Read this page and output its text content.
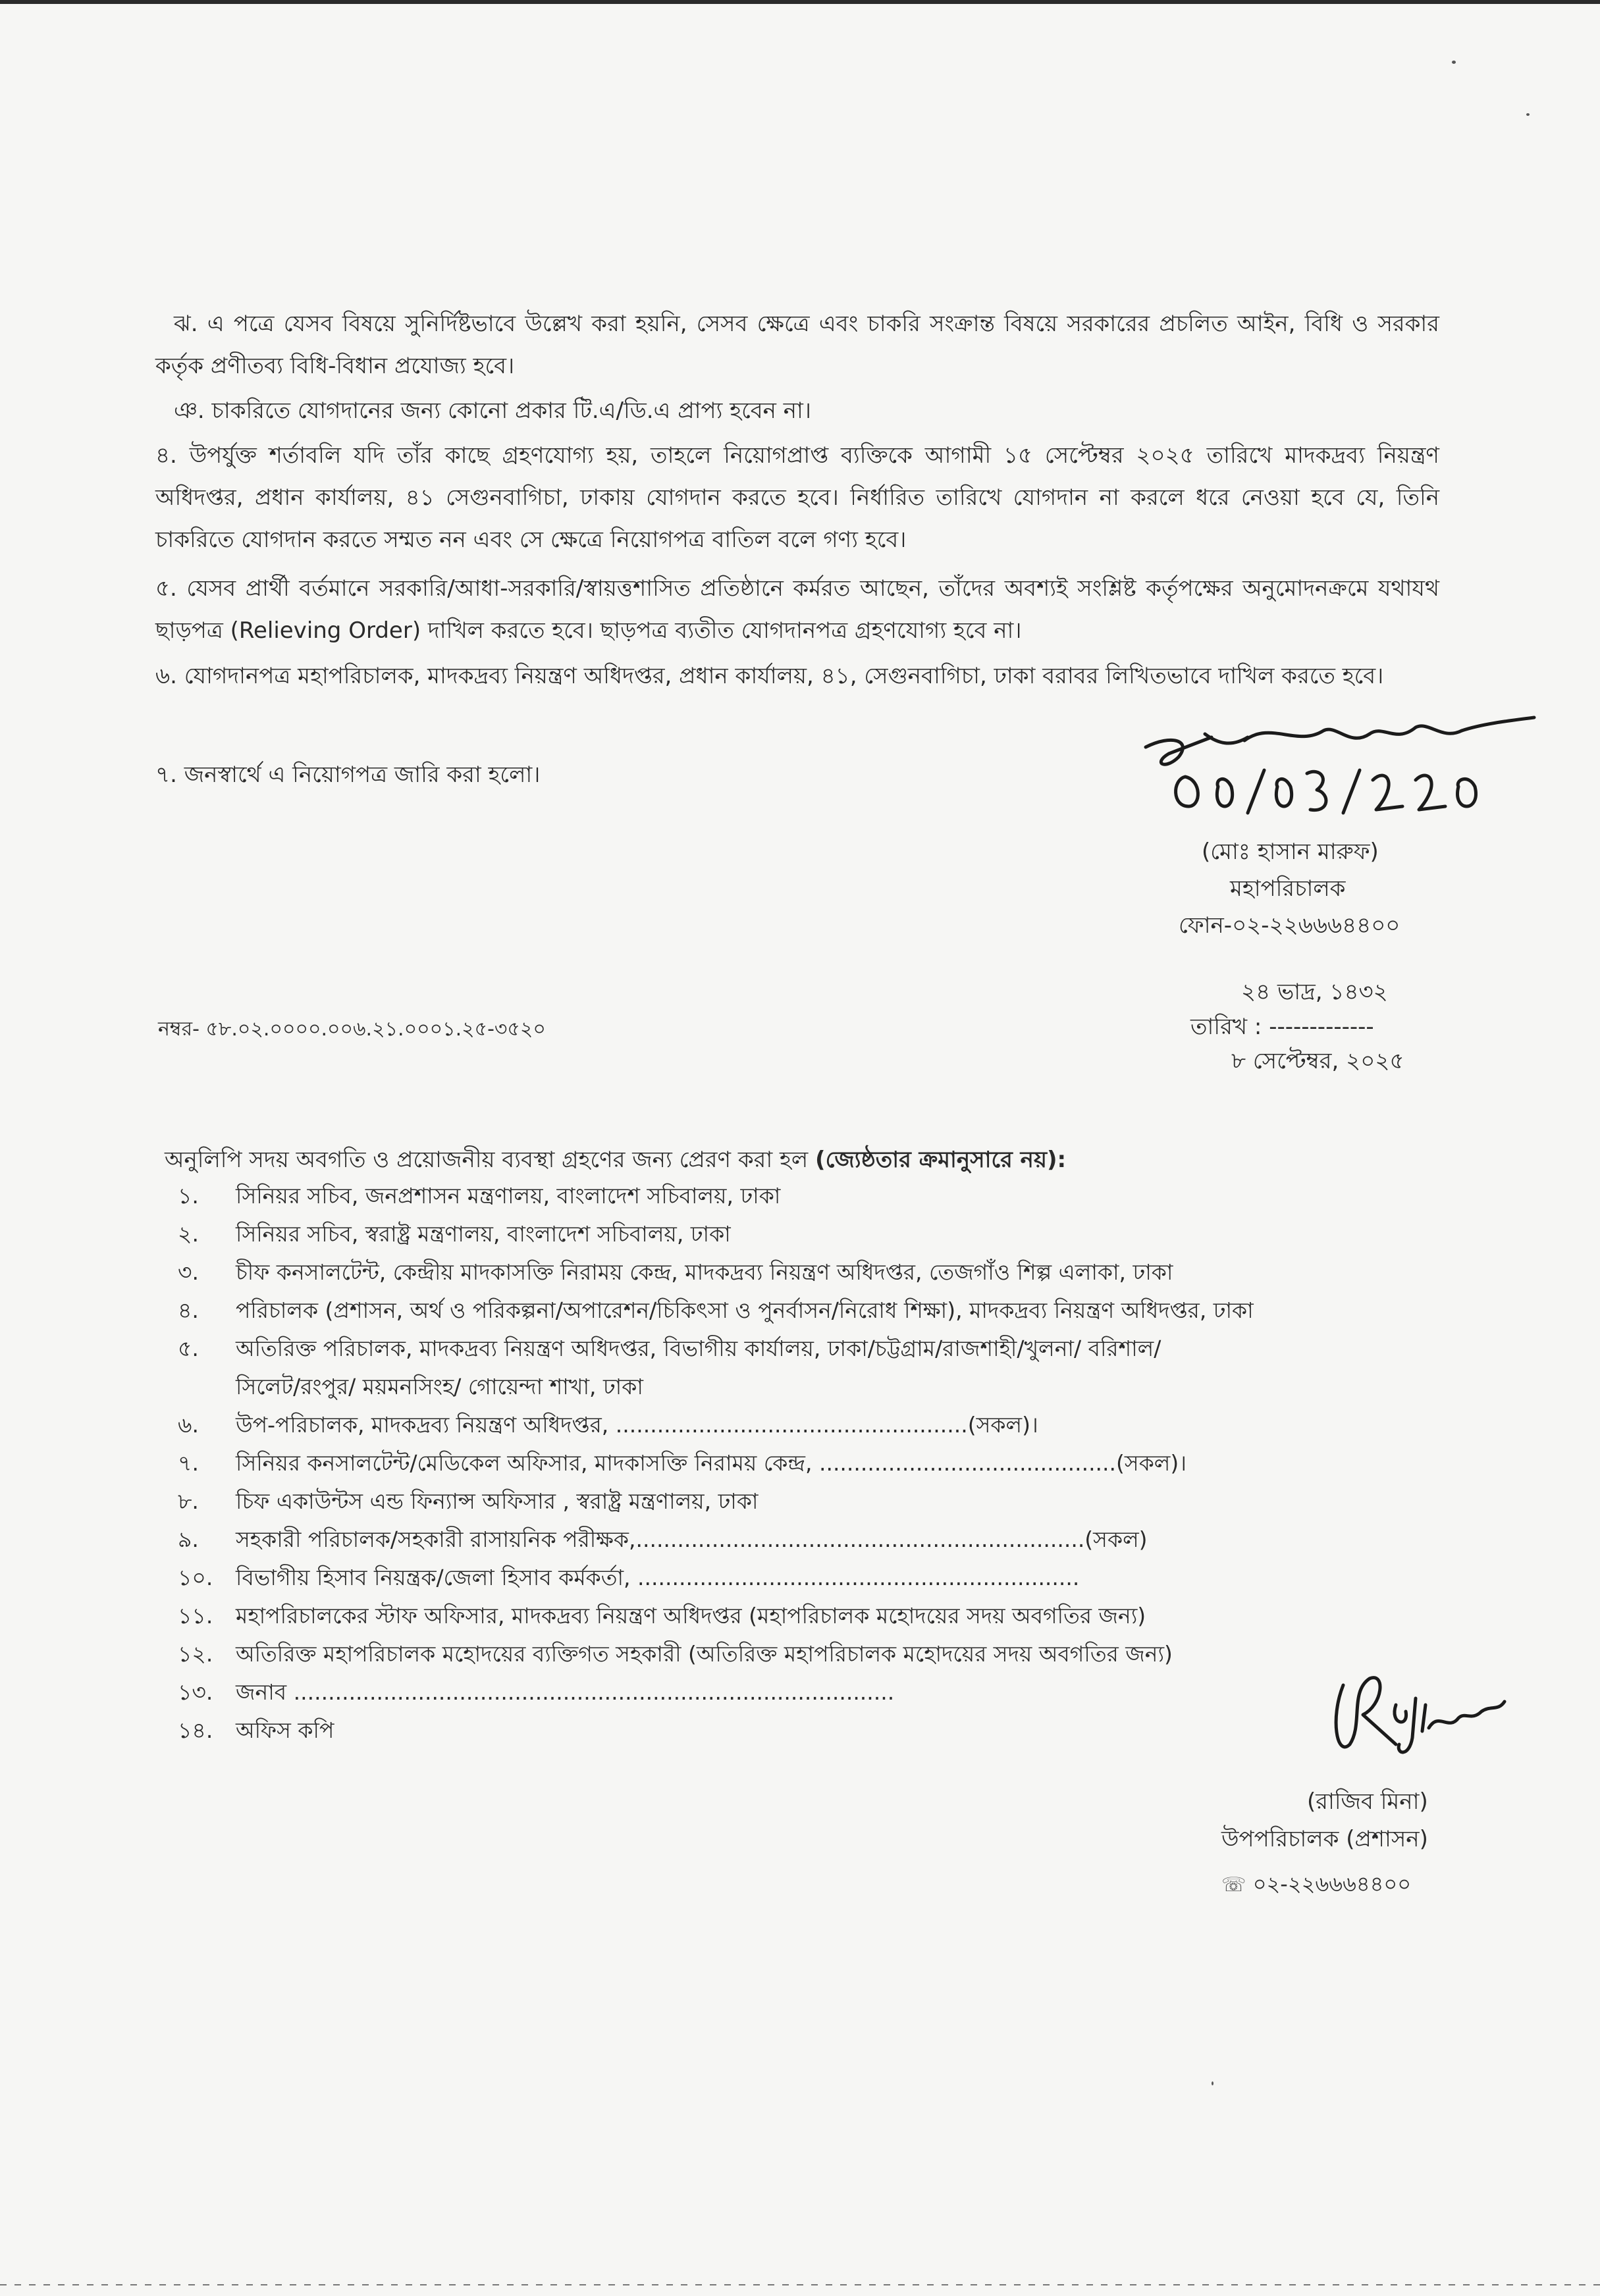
ঝ. এ পত্রে যেসব বিষয়ে সুনির্দিষ্টভাবে উল্লেখ করা হয়নি, সেসব ক্ষেত্রে এবং চাকরি সংক্রান্ত বিষয়ে সরকারের প্রচলিত আইন, বিধি ও সরকার কর্তৃক প্রণীতব্য বিধি-বিধান প্রযোজ্য হবে।
ঞ. চাকরিতে যোগদানের জন্য কোনো প্রকার টি.এ/ডি.এ প্রাপ্য হবেন না।
৪. উপর্যুক্ত শর্তাবলি যদি তাঁর কাছে গ্রহণযোগ্য হয়, তাহলে নিয়োগপ্রাপ্ত ব্যক্তিকে আগামী ১৫ সেপ্টেম্বর ২০২৫ তারিখে মাদকদ্রব্য নিয়ন্ত্রণ অধিদপ্তর, প্রধান কার্যালয়, ৪১ সেগুনবাগিচা, ঢাকায় যোগদান করতে হবে। নির্ধারিত তারিখে যোগদান না করলে ধরে নেওয়া হবে যে, তিনি চাকরিতে যোগদান করতে সম্মত নন এবং সে ক্ষেত্রে নিয়োগপত্র বাতিল বলে গণ্য হবে।
৫. যেসব প্রার্থী বর্তমানে সরকারি/আধা-সরকারি/স্বায়ত্তশাসিত প্রতিষ্ঠানে কর্মরত আছেন, তাঁদের অবশ্যই সংশ্লিষ্ট কর্তৃপক্ষের অনুমোদনক্রমে যথাযথ ছাড়পত্র (Relieving Order) দাখিল করতে হবে। ছাড়পত্র ব্যতীত যোগদানপত্র গ্রহণযোগ্য হবে না।
৬. যোগদানপত্র মহাপরিচালক, মাদকদ্রব্য নিয়ন্ত্রণ অধিদপ্তর, প্রধান কার্যালয়, ৪১, সেগুনবাগিচা, ঢাকা বরাবর লিখিতভাবে দাখিল করতে হবে।
৭. জনস্বার্থে এ নিয়োগপত্র জারি করা হলো।
(মোঃ হাসান মারুফ)
মহাপরিচালক
ফোন-০২-২২৬৬৬৪৪০০
২৪ ভাদ্র, ১৪৩২
নম্বর- ৫৮.০২.০০০০.০০৬.২১.০০০১.২৫-৩৫২০	তারিখ : -------------
৮ সেপ্টেম্বর, ২০২৫
অনুলিপি সদয় অবগতি ও প্রয়োজনীয় ব্যবস্থা গ্রহণের জন্য প্রেরণ করা হল (জ্যেষ্ঠতার ক্রমানুসারে নয়):
১. সিনিয়র সচিব, জনপ্রশাসন মন্ত্রণালয়, বাংলাদেশ সচিবালয়, ঢাকা
২. সিনিয়র সচিব, স্বরাষ্ট্র মন্ত্রণালয়, বাংলাদেশ সচিবালয়, ঢাকা
৩. চীফ কনসালটেন্ট, কেন্দ্রীয় মাদকাসক্তি নিরাময় কেন্দ্র, মাদকদ্রব্য নিয়ন্ত্রণ অধিদপ্তর, তেজগাঁও শিল্প এলাকা, ঢাকা
৪. পরিচালক (প্রশাসন, অর্থ ও পরিকল্পনা/অপারেশন/চিকিৎসা ও পুনর্বাসন/নিরোধ শিক্ষা), মাদকদ্রব্য নিয়ন্ত্রণ অধিদপ্তর, ঢাকা
৫. অতিরিক্ত পরিচালক, মাদকদ্রব্য নিয়ন্ত্রণ অধিদপ্তর, বিভাগীয় কার্যালয়, ঢাকা/চট্টগ্রাম/রাজশাহী/খুলনা/ বরিশাল/
সিলেট/রংপুর/ ময়মনসিংহ/ গোয়েন্দা শাখা, ঢাকা
৬. উপ-পরিচালক, মাদকদ্রব্য নিয়ন্ত্রণ অধিদপ্তর, ...................................................(সকল)।
৭. সিনিয়র কনসালটেন্ট/মেডিকেল অফিসার, মাদকাসক্তি নিরাময় কেন্দ্র, ...........................................(সকল)।
৮. চিফ একাউন্টস এন্ড ফিন্যান্স অফিসার , স্বরাষ্ট্র মন্ত্রণালয়, ঢাকা
৯. সহকারী পরিচালক/সহকারী রাসায়নিক পরীক্ষক,.................................................................(সকল)
১০. বিভাগীয় হিসাব নিয়ন্ত্রক/জেলা হিসাব কর্মকর্তা, ................................................................
১১. মহাপরিচালকের স্টাফ অফিসার, মাদকদ্রব্য নিয়ন্ত্রণ অধিদপ্তর (মহাপরিচালক মহোদয়ের সদয় অবগতির জন্য)
১২. অতিরিক্ত মহাপরিচালক মহোদয়ের ব্যক্তিগত সহকারী (অতিরিক্ত মহাপরিচালক মহোদয়ের সদয় অবগতির জন্য)
১৩. জনাব .......................................................................................
১৪. অফিস কপি
(রাজিব মিনা)
উপপরিচালক (প্রশাসন)
☏ ০২-২২৬৬৬৪৪০০
